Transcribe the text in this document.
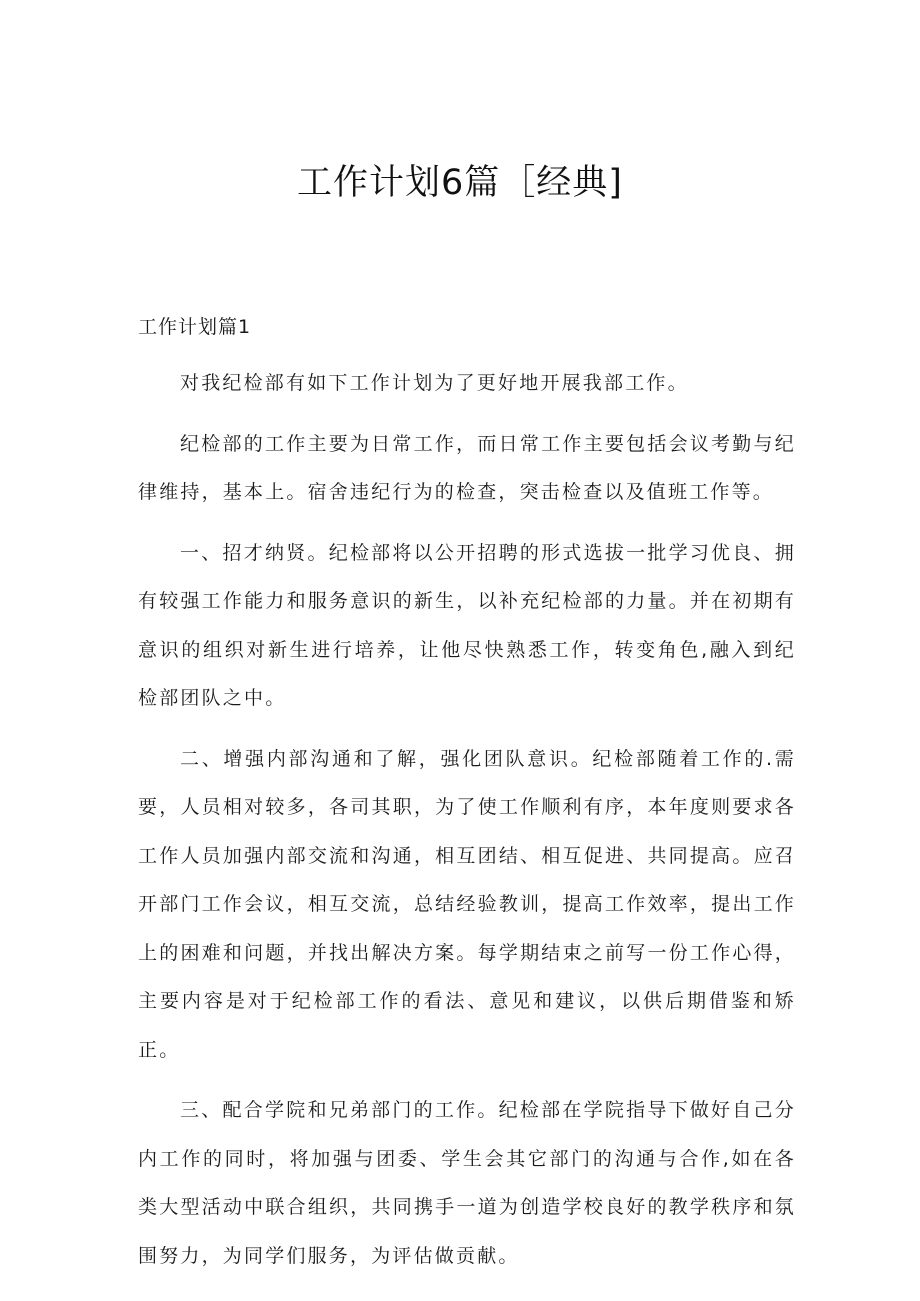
工作计划6篇［经典]
工作计划篇1

对我纪检部有如下工作计划为了更好地开展我部工作。

纪检部的工作主要为日常工作，而日常工作主要包括会议考勤与纪律维持，基本上。宿舍违纪行为的检查，突击检查以及值班工作等。

一、招才纳贤。纪检部将以公开招聘的形式选拔一批学习优良、拥有较强工作能力和服务意识的新生，以补充纪检部的力量。并在初期有意识的组织对新生进行培养，让他尽快熟悉工作，转变角色,融入到纪检部团队之中。

二、增强内部沟通和了解，强化团队意识。纪检部随着工作的.需要，人员相对较多，各司其职，为了使工作顺利有序，本年度则要求各工作人员加强内部交流和沟通，相互团结、相互促进、共同提高。应召开部门工作会议，相互交流，总结经验教训，提高工作效率，提出工作上的困难和问题，并找出解决方案。每学期结束之前写一份工作心得，主要内容是对于纪检部工作的看法、意见和建议，以供后期借鉴和矫正。

三、配合学院和兄弟部门的工作。纪检部在学院指导下做好自己分内工作的同时，将加强与团委、学生会其它部门的沟通与合作,如在各类大型活动中联合组织，共同携手一道为创造学校良好的教学秩序和氛围努力，为同学们服务，为评估做贡献。
